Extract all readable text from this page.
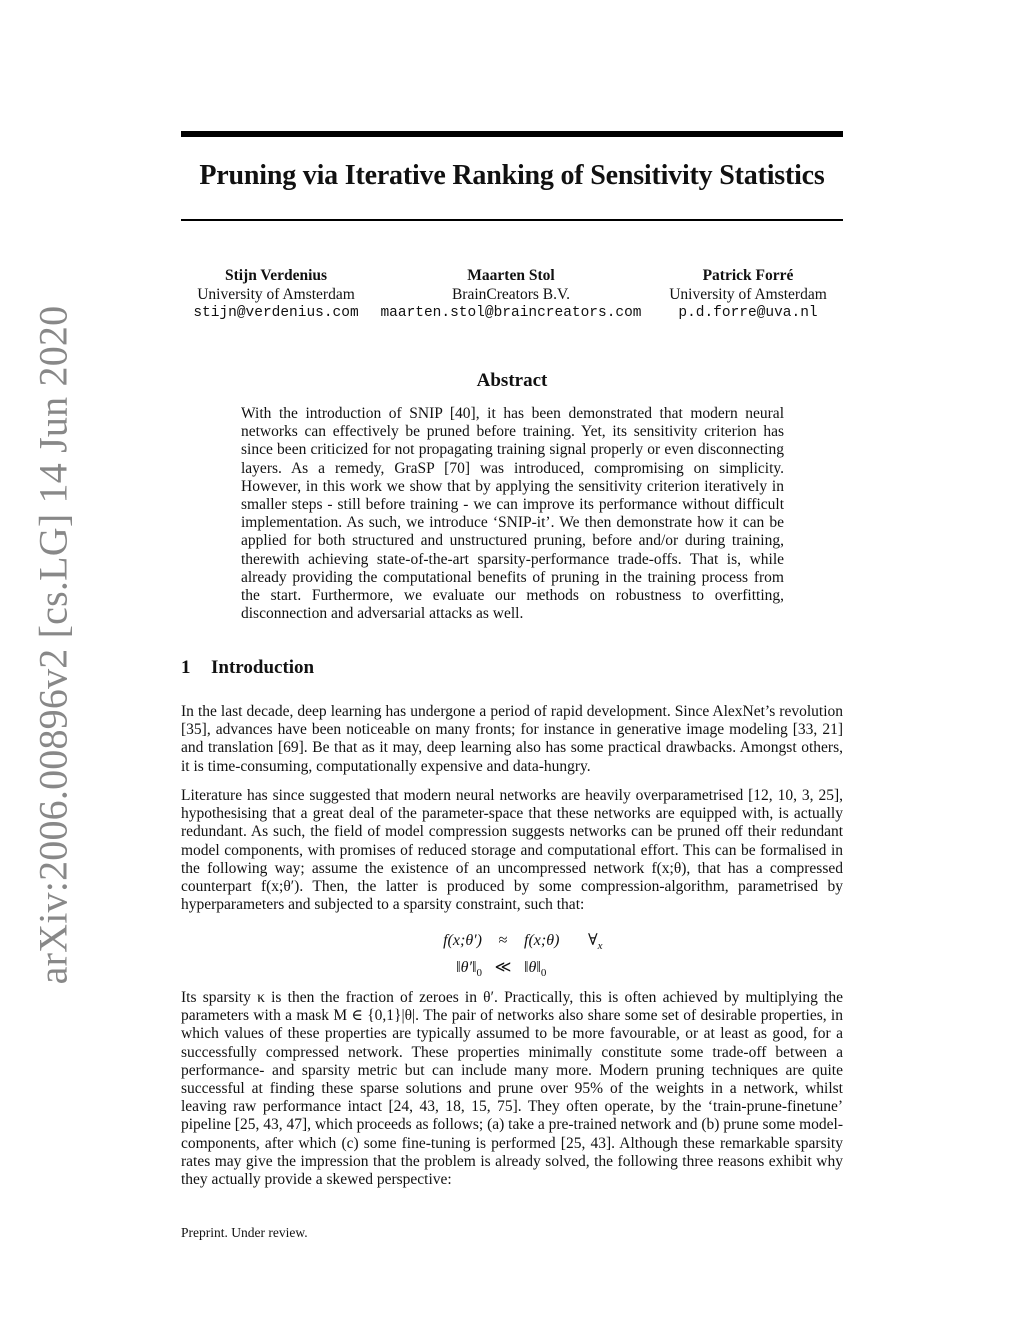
arXiv:2006.00896v2 [cs.LG] 14 Jun 2020
Pruning via Iterative Ranking of Sensitivity Statistics
Stijn Verdenius
University of Amsterdam
stijn@verdenius.com
Maarten Stol
BrainCreators B.V.
maarten.stol@braincreators.com
Patrick Forré
University of Amsterdam
p.d.forre@uva.nl
Abstract

With the introduction of SNIP [40], it has been demonstrated that modern neural networks can effectively be pruned before training. Yet, its sensitivity criterion has since been criticized for not propagating training signal properly or even disconnecting layers. As a remedy, GraSP [70] was introduced, compromising on simplicity. However, in this work we show that by applying the sensitivity criterion iteratively in smaller steps - still before training - we can improve its performance without difficult implementation. As such, we introduce ‘SNIP-it’. We then demonstrate how it can be applied for both structured and unstructured pruning, before and/or during training, therewith achieving state-of-the-art sparsity-performance trade-offs. That is, while already providing the computational benefits of pruning in the training process from the start. Furthermore, we evaluate our methods on robustness to overfitting, disconnection and adversarial attacks as well.

1 Introduction

In the last decade, deep learning has undergone a period of rapid development. Since AlexNet’s revolution [35], advances have been noticeable on many fronts; for instance in generative image modeling [33, 21] and translation [69]. Be that as it may, deep learning also has some practical drawbacks. Amongst others, it is time-consuming, computationally expensive and data-hungry.

Literature has since suggested that modern neural networks are heavily overparametrised [12, 10, 3, 25], hypothesising that a great deal of the parameter-space that these networks are equipped with, is actually redundant. As such, the field of model compression suggests networks can be pruned off their redundant model components, with promises of reduced storage and computational effort. This can be formalised in the following way; assume the existence of an uncompressed network f(x;θ), that has a compressed counterpart f(x;θ′). Then, the latter is produced by some compression-algorithm, parametrised by hyperparameters and subjected to a sparsity constraint, such that:

f(x;θ′) ≈ f(x;θ) $\forall_x$
$‖\theta'‖_0$ ≪ $‖\theta‖_0$

Its sparsity κ is then the fraction of zeroes in θ′. Practically, this is often achieved by multiplying the parameters with a mask M ∈ {0,1}|θ|. The pair of networks also share some set of desirable properties, in which values of these properties are typically assumed to be more favourable, or at least as good, for a successfully compressed network. These properties minimally constitute some trade-off between a performance- and sparsity metric but can include many more. Modern pruning techniques are quite successful at finding these sparse solutions and prune over 95% of the weights in a network, whilst leaving raw performance intact [24, 43, 18, 15, 75]. They often operate, by the ‘train-prune-finetune’ pipeline [25, 43, 47], which proceeds as follows; (a) take a pre-trained network and (b) prune some model-components, after which (c) some fine-tuning is performed [25, 43]. Although these remarkable sparsity rates may give the impression that the problem is already solved, the following three reasons exhibit why they actually provide a skewed perspective:

Preprint. Under review.
